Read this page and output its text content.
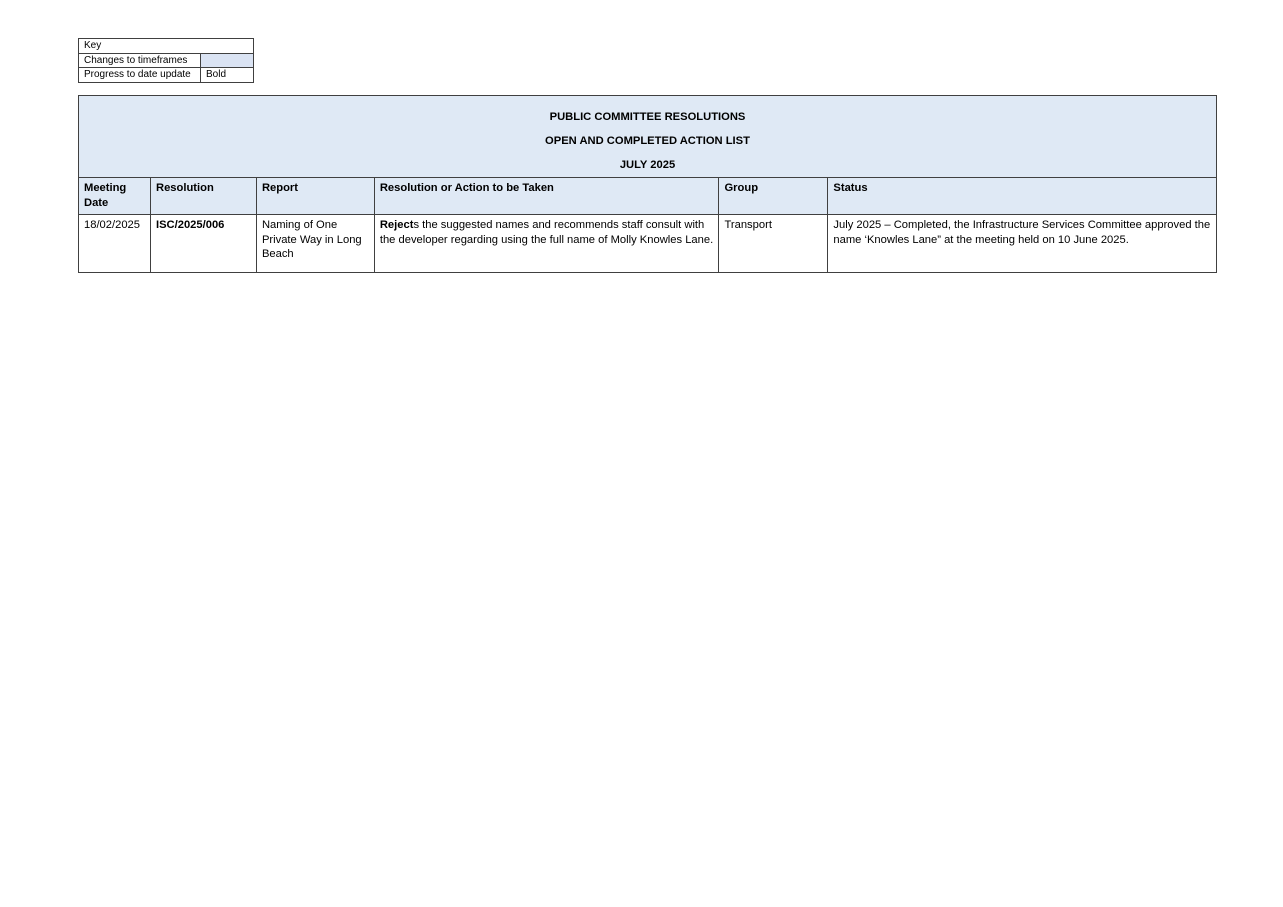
Key	
Changes to timeframes	
Progress to date update	Bold
PUBLIC COMMITTEE RESOLUTIONS
OPEN AND COMPLETED ACTION LIST
JULY 2025					

Meeting Date	Resolution	Report	Resolution or Action to be Taken	Group	Status
18/02/2025	ISC/2025/006	Naming of One Private Way in Long Beach	Rejects the suggested names and recommends staff consult with the developer regarding using the full name of Molly Knowles Lane.	Transport	July 2025 – Completed, the Infrastructure Services Committee approved the name ‘Knowles Lane” at the meeting held on 10 June 2025.
